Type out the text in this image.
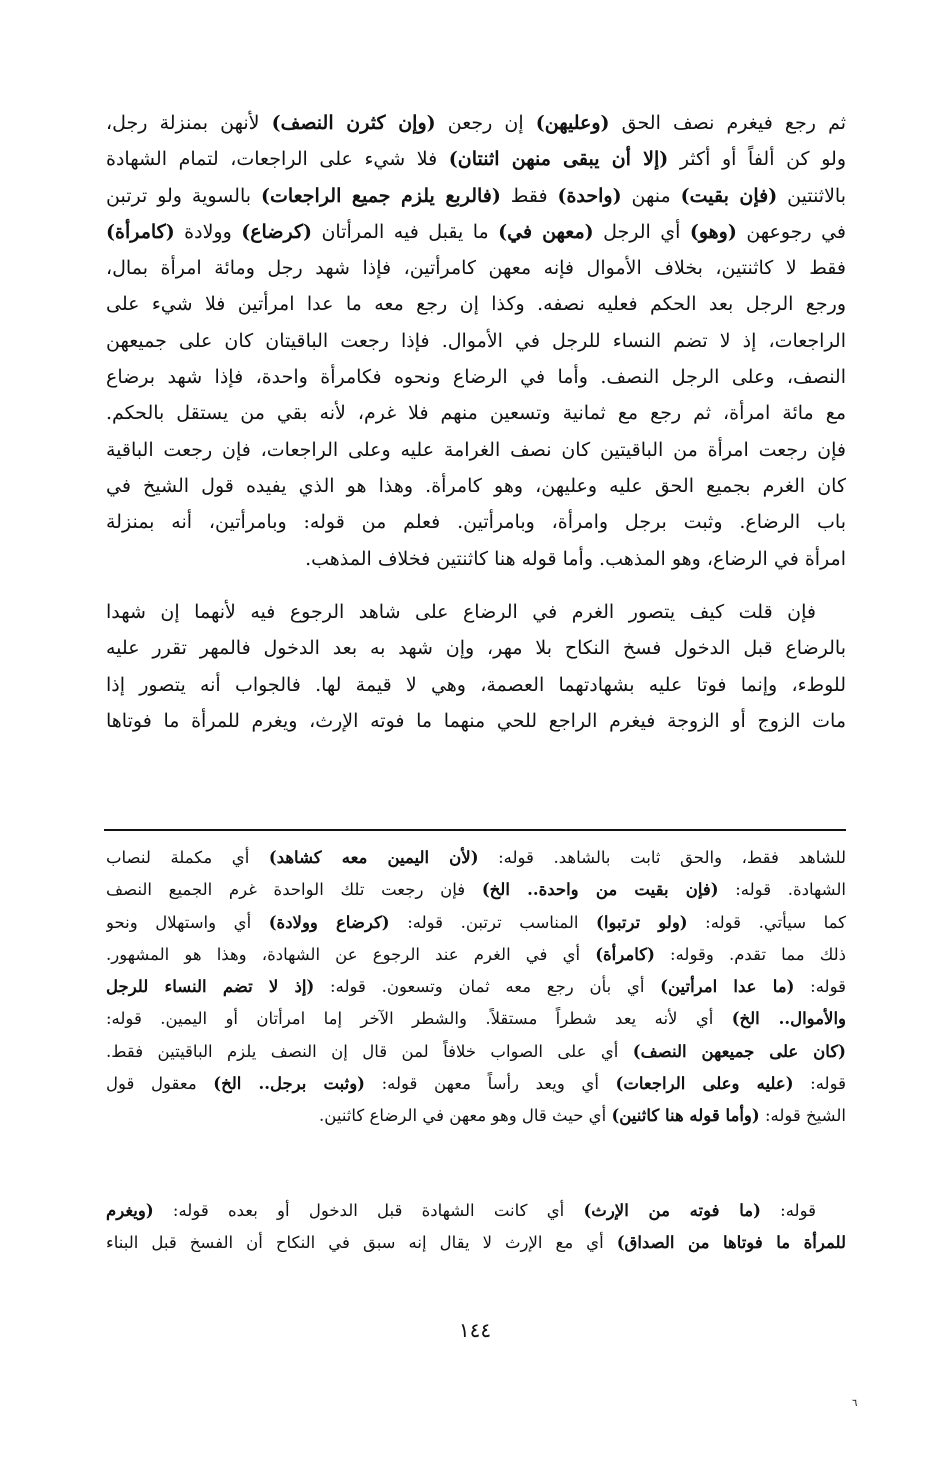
ثم رجع فيغرم نصف الحق (وعليهن) إن رجعن (وإن كثرن النصف) لأنهن بمنزلة رجل،
ولو كن ألفاً أو أكثر (إلا أن يبقى منهن اثنتان) فلا شيء على الراجعات، لتمام الشهادة
بالاثنتين (فإن بقيت) منهن (واحدة) فقط (فالربع يلزم جميع الراجعات) بالسوية ولو ترتبن
في رجوعهن (وهو) أي الرجل (معهن في) ما يقبل فيه المرأتان (كرضاع) وولادة (كامرأة)
فقط لا كاثنتين، بخلاف الأموال فإنه معهن كامرأتين، فإذا شهد رجل ومائة امرأة بمال،
ورجع الرجل بعد الحكم فعليه نصفه. وكذا إن رجع معه ما عدا امرأتين فلا شيء على
الراجعات، إذ لا تضم النساء للرجل في الأموال. فإذا رجعت الباقيتان كان على جميعهن
النصف، وعلى الرجل النصف. وأما في الرضاع ونحوه فكامرأة واحدة، فإذا شهد برضاع
مع مائة امرأة، ثم رجع مع ثمانية وتسعين منهم فلا غرم، لأنه بقي من يستقل بالحكم.
فإن رجعت امرأة من الباقيتين كان نصف الغرامة عليه وعلى الراجعات، فإن رجعت الباقية
كان الغرم بجميع الحق عليه وعليهن، وهو كامرأة. وهذا هو الذي يفيده قول الشيخ في
باب الرضاع. وثبت برجل وامرأة، وبامرأتين. فعلم من قوله: وبامرأتين، أنه بمنزلة
امرأة في الرضاع، وهو المذهب. وأما قوله هنا كاثنتين فخلاف المذهب.
فإن قلت كيف يتصور الغرم في الرضاع على شاهد الرجوع فيه لأنهما إن شهدا
بالرضاع قبل الدخول فسخ النكاح بلا مهر، وإن شهد به بعد الدخول فالمهر تقرر عليه
للوطء، وإنما فوتا عليه بشهادتهما العصمة، وهي لا قيمة لها. فالجواب أنه يتصور إذا
مات الزوج أو الزوجة فيغرم الراجع للحي منهما ما فوته الإرث، ويغرم للمرأة ما فوتاها
للشاهد فقط، والحق ثابت بالشاهد. قوله: (لأن اليمين معه كشاهد) أي مكملة لنصاب
الشهادة. قوله: (فإن بقيت من واحدة.. الخ) فإن رجعت تلك الواحدة غرم الجميع النصف
كما سيأتي. قوله: (ولو ترتبوا) المناسب ترتبن. قوله: (كرضاع وولادة) أي واستهلال ونحو
ذلك مما تقدم. وقوله: (كامرأة) أي في الغرم عند الرجوع عن الشهادة، وهذا هو المشهور.
قوله: (ما عدا امرأتين) أي بأن رجع معه ثمان وتسعون. قوله: (إذ لا تضم النساء للرجل
والأموال.. الخ) أي لأنه يعد شطراً مستقلاً. والشطر الآخر إما امرأتان أو اليمين. قوله:
(كان على جميعهن النصف) أي على الصواب خلافاً لمن قال إن النصف يلزم الباقيتين فقط.
قوله: (عليه وعلى الراجعات) أي ويعد رأساً معهن قوله: (وثبت برجل.. الخ) معقول قول
الشيخ قوله: (وأما قوله هنا كاثنين) أي حيث قال وهو معهن في الرضاع كاثنين.
قوله: (ما فوته من الإرث) أي كانت الشهادة قبل الدخول أو بعده قوله: (ويغرم
للمرأة ما فوتاها من الصداق) أي مع الإرث لا يقال إنه سبق في النكاح أن الفسخ قبل البناء
١٤٤
٦
